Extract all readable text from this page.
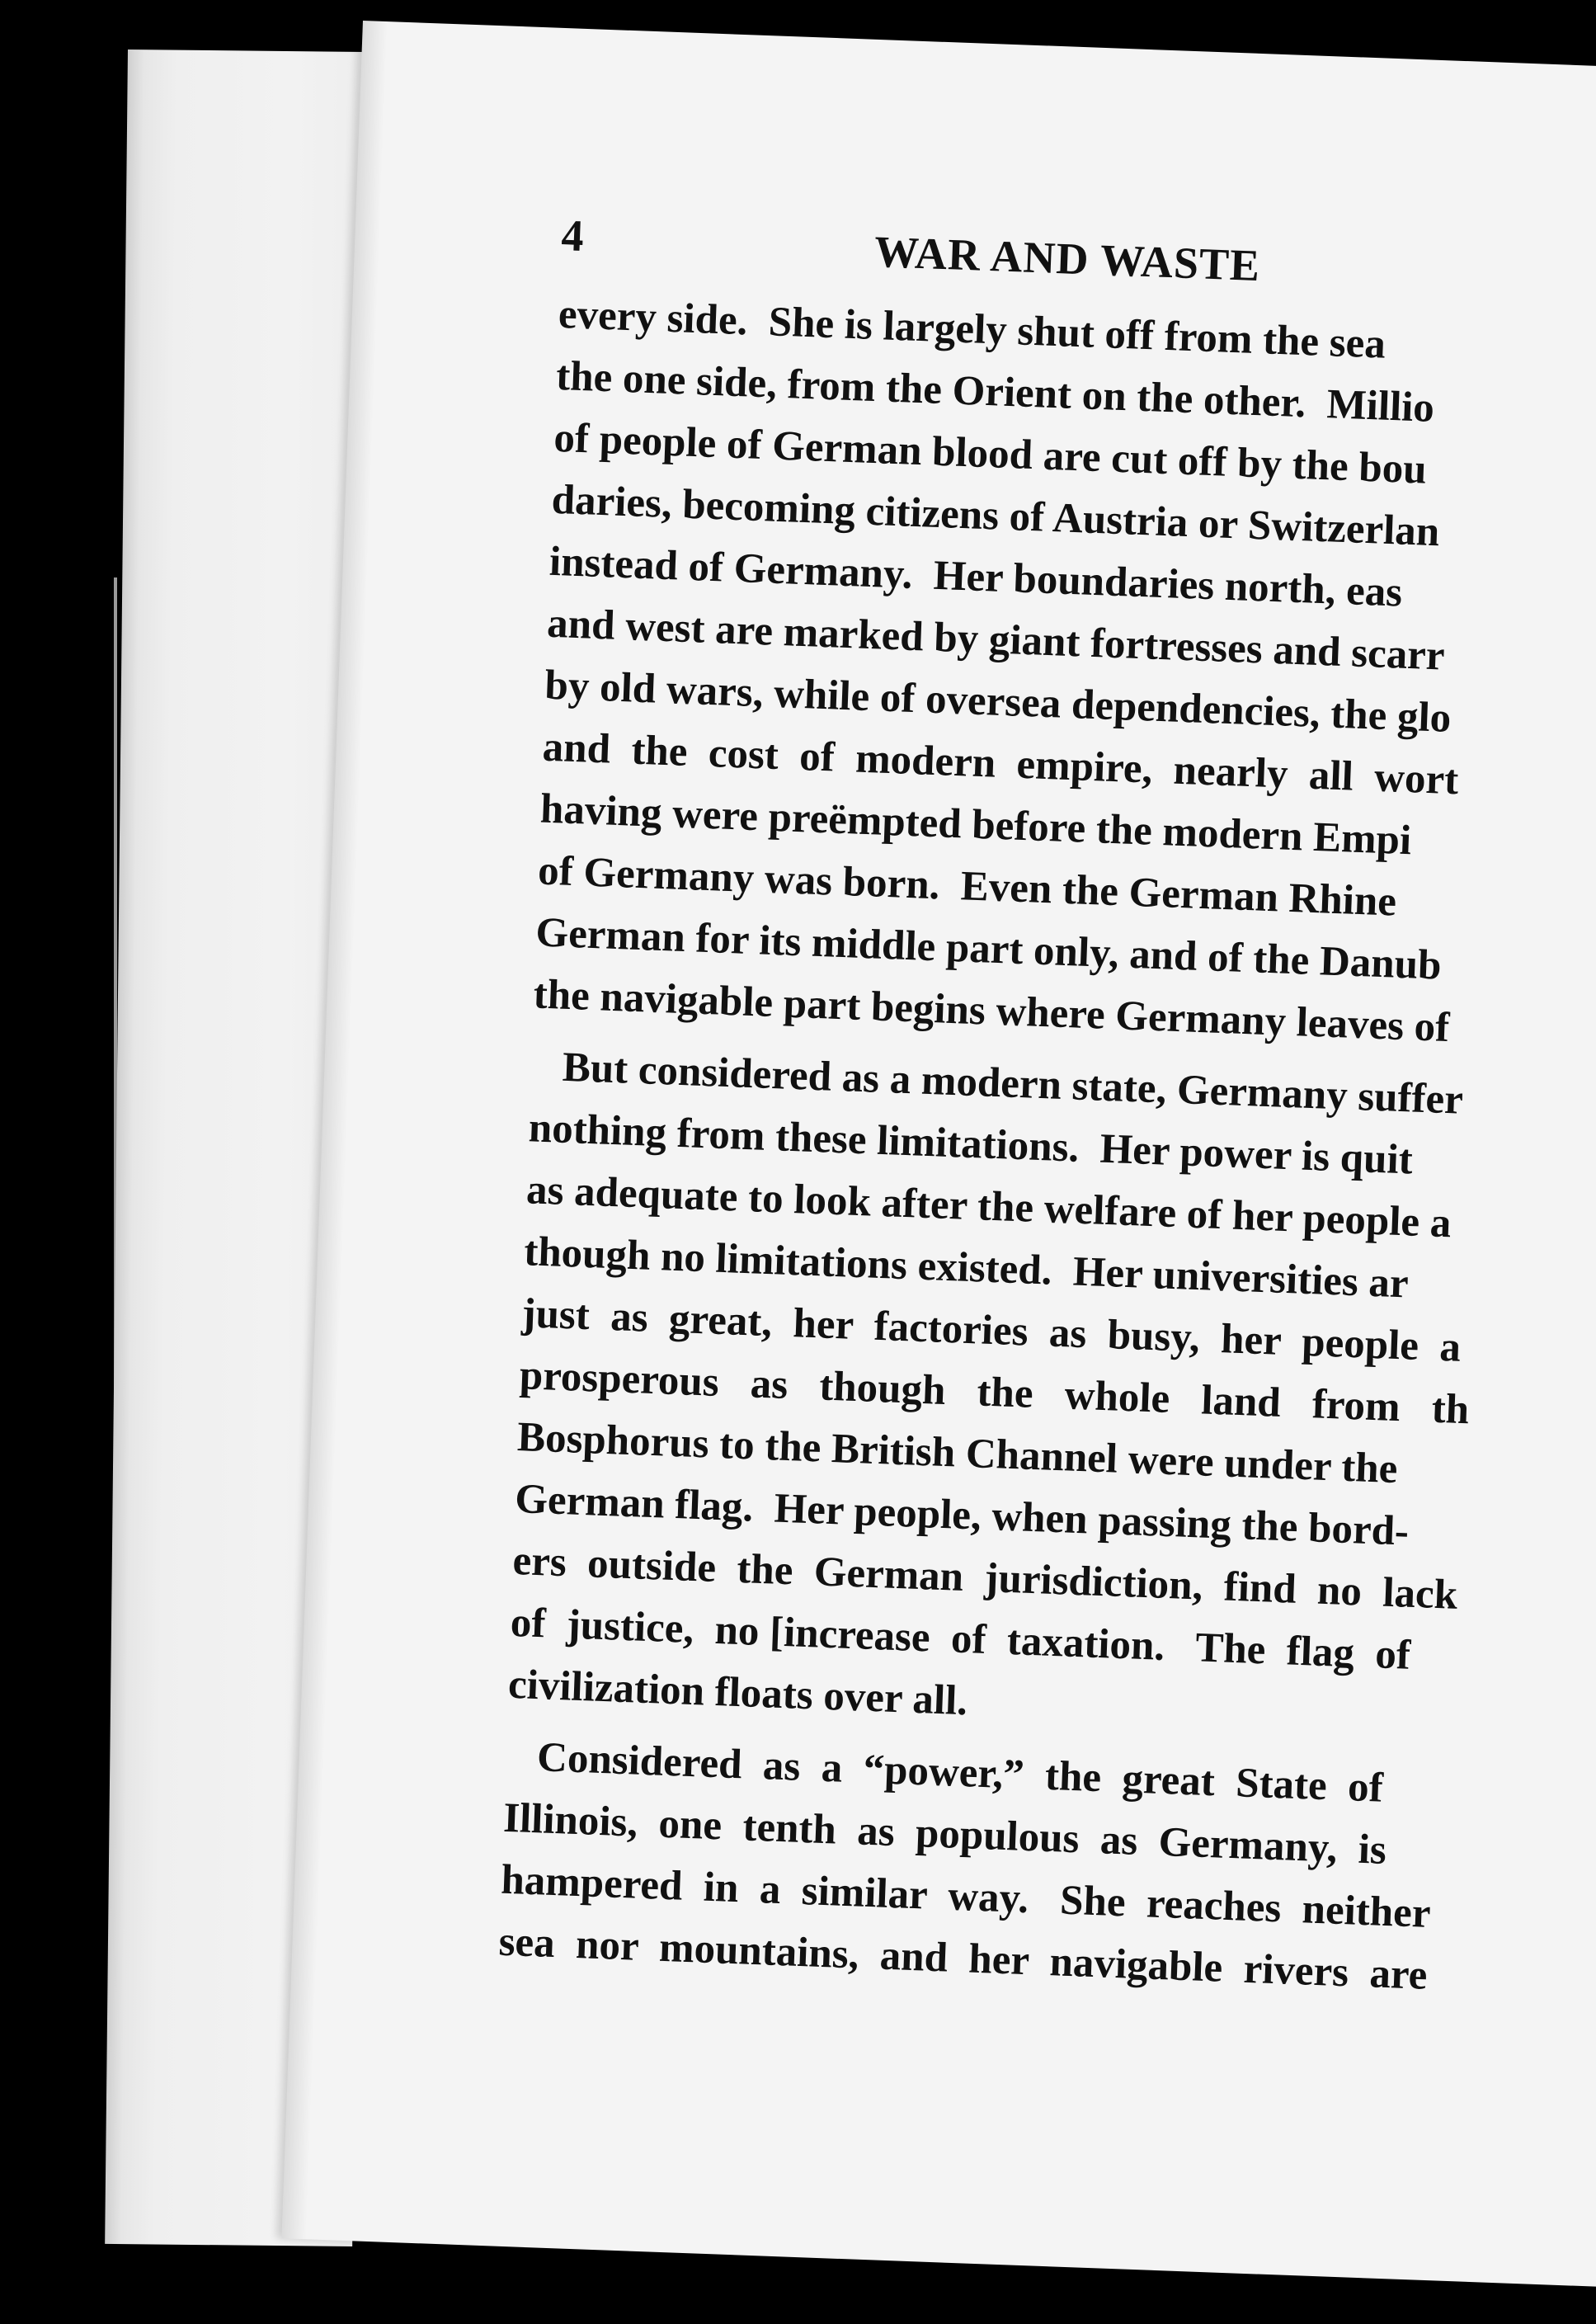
4	WAR AND WASTE
every side.  She is largely shut off from the sea
the one side, from the Orient on the other.  Millio
of people of German blood are cut off by the bou
daries, becoming citizens of Austria or Switzerlan
instead of Germany.  Her boundaries north, eas
and west are marked by giant fortresses and scarr
by old wars, while of oversea dependencies, the glo
and  the  cost  of  modern  empire,  nearly  all  wort
having were preëmpted before the modern Empi
of Germany was born.  Even the German Rhine
German for its middle part only, and of the Danub
the navigable part begins where Germany leaves of
But considered as a modern state, Germany suffer
nothing from these limitations.  Her power is quit
as adequate to look after the welfare of her people a
though no limitations existed.  Her universities ar
just  as  great,  her  factories  as  busy,  her  people  a
prosperous   as   though   the   whole   land   from   th
Bosphorus to the British Channel were under the
German flag.  Her people, when passing the bord-
ers  outside  the  German  jurisdiction,  find  no  lack
of  justice,  no [increase  of  taxation.   The  flag  of
civilization floats over all.
Considered  as  a  “power,”  the  great  State  of
Illinois,  one  tenth  as  populous  as  Germany,  is
hampered  in  a  similar  way.   She  reaches  neither
sea  nor  mountains,  and  her  navigable  rivers  are
